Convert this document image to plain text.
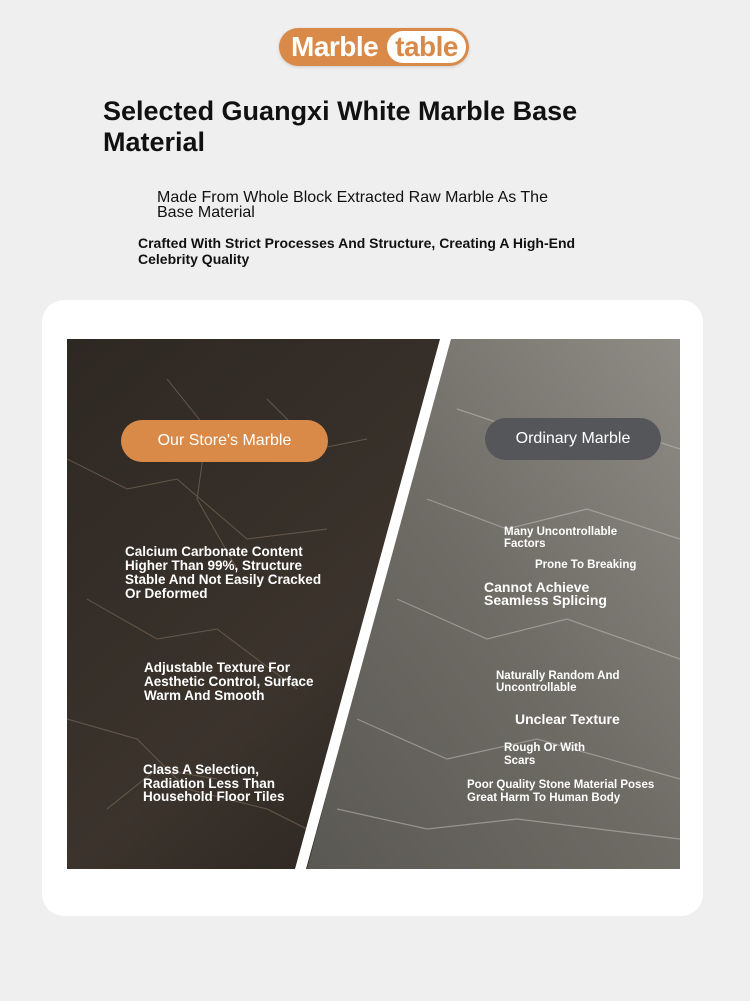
Marble table
Selected Guangxi White Marble Base Material
Made From Whole Block Extracted Raw Marble As The Base Material
Crafted With Strict Processes And Structure, Creating A High-End Celebrity Quality
Our Store's Marble	Ordinary Marble
Calcium Carbonate Content Higher Than 99%, Structure Stable And Not Easily Cracked Or Deformed
Adjustable Texture For Aesthetic Control, Surface Warm And Smooth
Class A Selection, Radiation Less Than Household Floor Tiles
Many Uncontrollable Factors
Prone To Breaking
Cannot Achieve Seamless Splicing
Naturally Random And Uncontrollable
Unclear Texture
Rough Or With Scars
Poor Quality Stone Material Poses Great Harm To Human Body
